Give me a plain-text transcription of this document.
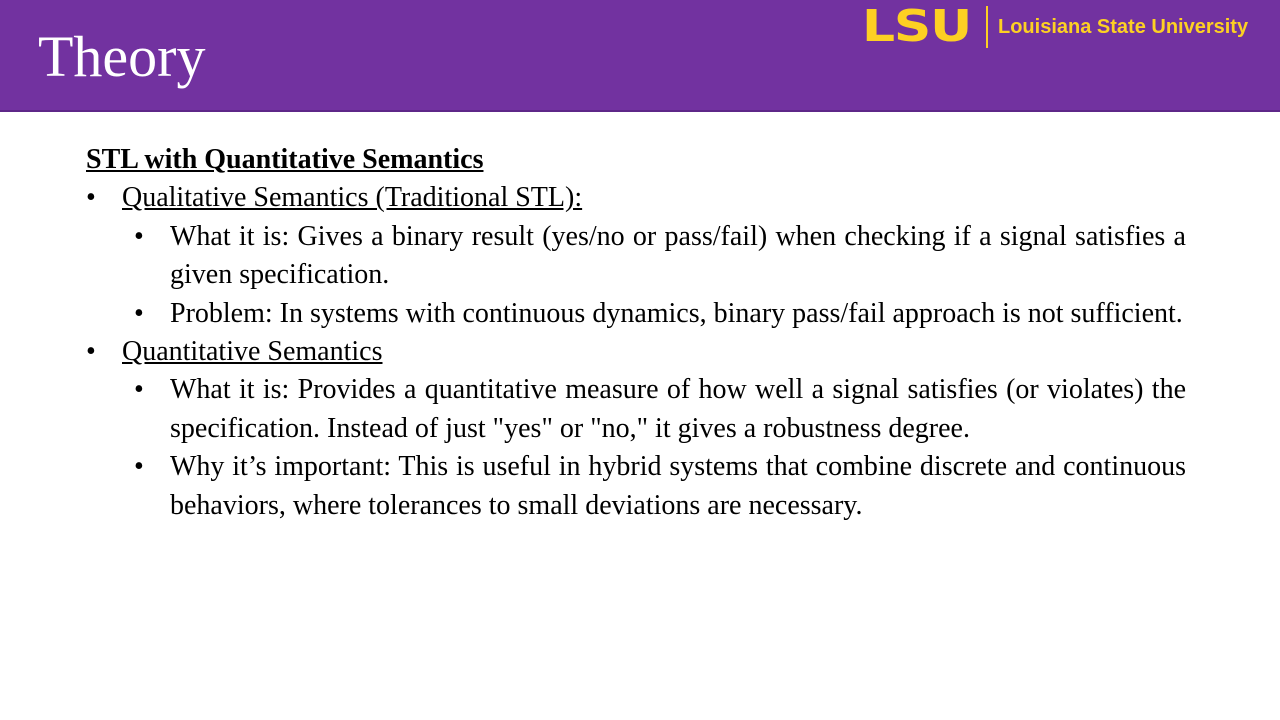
Theory	LSU	Louisiana State University

STL with Quantitative Semantics

• Qualitative Semantics (Traditional STL):

• What it is: Gives a binary result (yes/no or pass/fail) when checking if a signal satisfies a given specification.

• Problem: In systems with continuous dynamics, binary pass/fail approach is not sufficient.

• Quantitative Semantics

• What it is: Provides a quantitative measure of how well a signal satisfies (or violates) the specification. Instead of just "yes" or "no," it gives a robustness degree.

• Why it’s important: This is useful in hybrid systems that combine discrete and continuous behaviors, where tolerances to small deviations are necessary.
